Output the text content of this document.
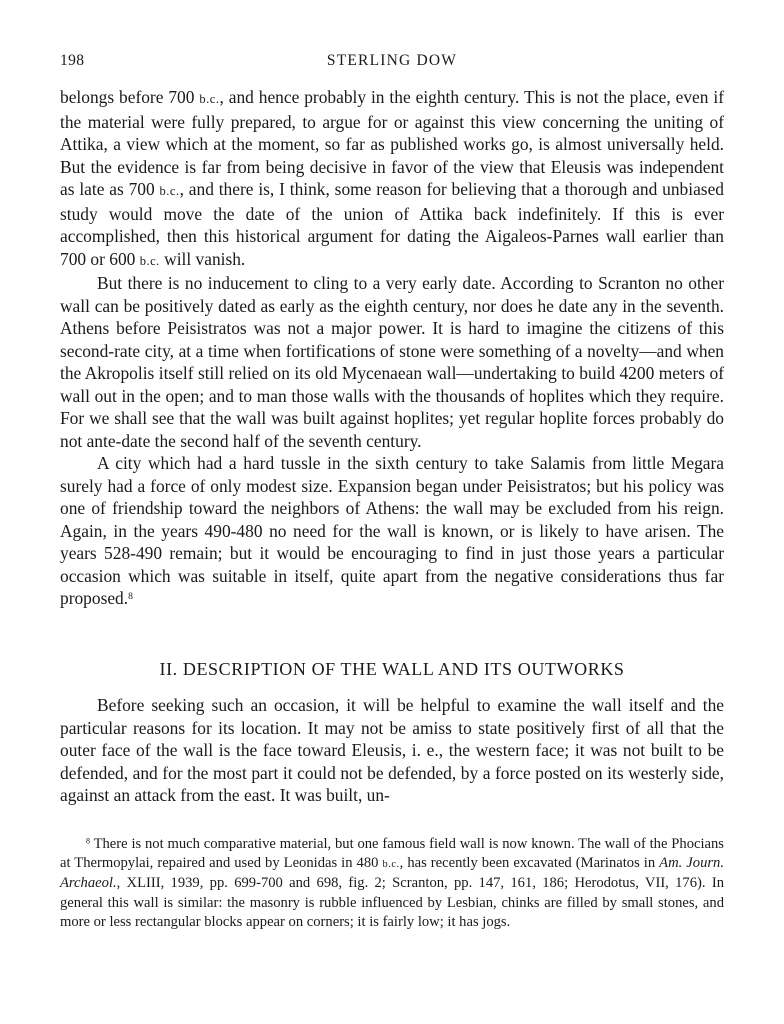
198	STERLING DOW

belongs before 700 b.c., and hence probably in the eighth century. This is not the place, even if the material were fully prepared, to argue for or against this view concerning the uniting of Attika, a view which at the moment, so far as published works go, is almost universally held. But the evidence is far from being decisive in favor of the view that Eleusis was independent as late as 700 b.c., and there is, I think, some reason for believing that a thorough and unbiased study would move the date of the union of Attika back indefinitely. If this is ever accomplished, then this historical argument for dating the Aigaleos-Parnes wall earlier than 700 or 600 b.c. will vanish.

But there is no inducement to cling to a very early date. According to Scranton no other wall can be positively dated as early as the eighth century, nor does he date any in the seventh. Athens before Peisistratos was not a major power. It is hard to imagine the citizens of this second-rate city, at a time when fortifications of stone were something of a novelty—and when the Akropolis itself still relied on its old Mycenaean wall—undertaking to build 4200 meters of wall out in the open; and to man those walls with the thousands of hoplites which they require. For we shall see that the wall was built against hoplites; yet regular hoplite forces probably do not ante-date the second half of the seventh century.

A city which had a hard tussle in the sixth century to take Salamis from little Megara surely had a force of only modest size. Expansion began under Peisistratos; but his policy was one of friendship toward the neighbors of Athens: the wall may be excluded from his reign. Again, in the years 490-480 no need for the wall is known, or is likely to have arisen. The years 528-490 remain; but it would be encouraging to find in just those years a particular occasion which was suitable in itself, quite apart from the negative considerations thus far proposed.$^8$

II. DESCRIPTION OF THE WALL AND ITS OUTWORKS

Before seeking such an occasion, it will be helpful to examine the wall itself and the particular reasons for its location. It may not be amiss to state positively first of all that the outer face of the wall is the face toward Eleusis, i. e., the western face; it was not built to be defended, and for the most part it could not be defended, by a force posted on its westerly side, against an attack from the east. It was built, un-

$^8$ There is not much comparative material, but one famous field wall is now known. The wall of the Phocians at Thermopylai, repaired and used by Leonidas in 480 b.c., has recently been excavated (Marinatos in Am. Journ. Archaeol., XLIII, 1939, pp. 699-700 and 698, fig. 2; Scranton, pp. 147, 161, 186; Herodotus, VII, 176). In general this wall is similar: the masonry is rubble influenced by Lesbian, chinks are filled by small stones, and more or less rectangular blocks appear on corners; it is fairly low; it has jogs.
